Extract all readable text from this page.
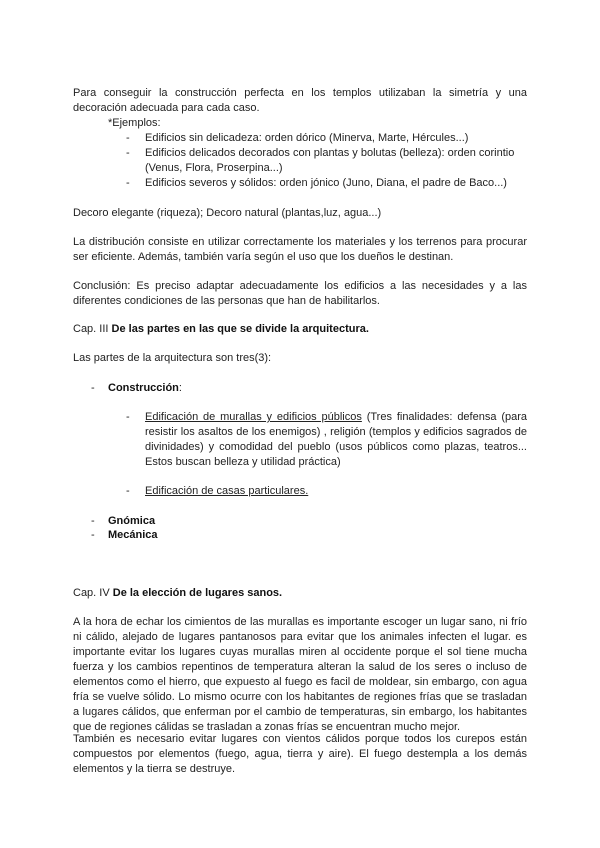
Para conseguir la construcción perfecta en los templos utilizaban la simetría y una decoración adecuada para cada caso.

*Ejemplos:

-	Edificios sin delicadeza: orden dórico (Minerva, Marte, Hércules...)

-	Edificios delicados decorados con plantas y bolutas (belleza): orden corintio (Venus, Flora, Proserpina...)

-	Edificios severos y sólidos: orden jónico (Juno, Diana, el padre de Baco...)

Decoro elegante (riqueza); Decoro natural (plantas,luz, agua...)

La distribución consiste en utilizar correctamente los materiales y los terrenos para procurar ser eficiente. Además, también varía según el uso que los dueños le destinan.

Conclusión: Es preciso adaptar adecuadamente los edificios a las necesidades y a las diferentes condiciones de las personas que han de habilitarlos.

Cap. III De las partes en las que se divide la arquitectura.

Las partes de la arquitectura son tres(3):

-	Construcción:

-	Edificación de murallas y edificios públicos (Tres finalidades: defensa (para resistir los asaltos de los enemigos) , religión (templos y edificios sagrados de divinidades) y comodidad del pueblo (usos públicos como plazas, teatros... Estos buscan belleza y utilidad práctica)

-	Edificación de casas particulares.

-	Gnómica

-	Mecánica

Cap. IV De la elección de lugares sanos.

A la hora de echar los cimientos de las murallas es importante escoger un lugar sano, ni frío ni cálido, alejado de lugares pantanosos para evitar que los animales infecten el lugar. es importante evitar los lugares cuyas murallas miren al occidente porque el sol tiene mucha fuerza y los cambios repentinos de temperatura alteran la salud de los seres o incluso de elementos como el hierro, que expuesto al fuego es facil de moldear, sin embargo, con agua fría se vuelve sólido. Lo mismo ocurre con los habitantes de regiones frías que se trasladan a lugares cálidos, que enferman por el cambio de temperaturas, sin embargo, los habitantes que de regiones cálidas se trasladan a zonas frías se encuentran mucho mejor.

También es necesario evitar lugares con vientos cálidos porque todos los curepos están compuestos por elementos (fuego, agua, tierra y aire). El fuego destempla a los demás elementos y la tierra se destruye.
